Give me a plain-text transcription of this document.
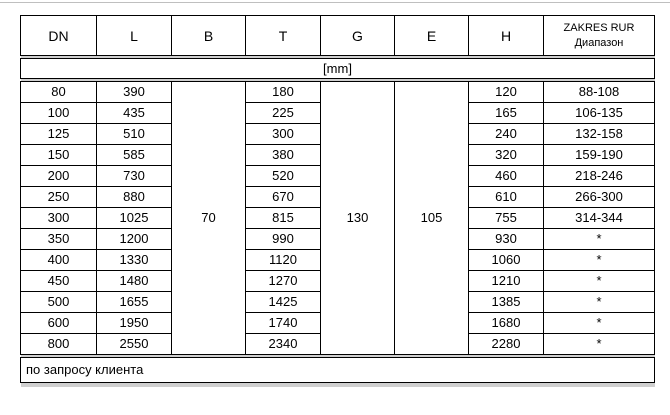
DN	L	B	T	G	E	H	ZAKRES RUR
Диапазон

[mm]							

80	390	70	180	130	105	120	88-108
100	435		225			165	106-135
125	510		300			240	132-158
150	585		380			320	159-190
200	730		520			460	218-246
250	880		670			610	266-300
300	1025		815			755	314-344
350	1200		990			930	*
400	1330		1120			1060	*
450	1480		1270			1210	*
500	1655		1425			1385	*
600	1950		1740			1680	*
800	2550		2340			2280	*

по запросу клиента							
